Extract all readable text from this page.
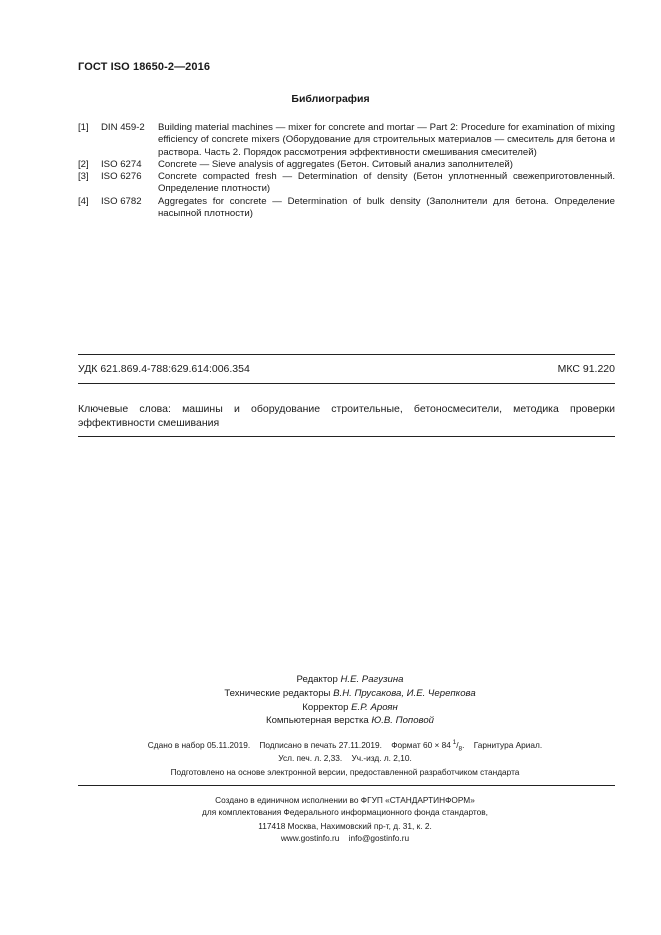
ГОСТ ISO 18650-2—2016
Библиография
[1]	DIN 459-2	Building material machines — mixer for concrete and mortar — Part 2: Procedure for examination of mixing efficiency of concrete mixers (Оборудование для строительных материалов — смеситель для бетона и раствора. Часть 2. Порядок рассмотрения эффективности смешивания смесителей)
[2]	ISO 6274	Concrete — Sieve analysis of aggregates (Бетон. Ситовый анализ заполнителей)
[3]	ISO 6276	Concrete compacted fresh — Determination of density (Бетон уплотненный свежеприготовленный. Определение плотности)
[4]	ISO 6782	Aggregates for concrete — Determination of bulk density (Заполнители для бетона. Определение насыпной плотности)
УДК 621.869.4-788:629.614:006.354	МКС 91.220
Ключевые слова: машины и оборудование строительные, бетоносмесители, методика проверки эффективности смешивания
Редактор Н.Е. Рагузина
Технические редакторы В.Н. Прусакова, И.Е. Черепкова
Корректор Е.Р. Ароян
Компьютерная верстка Ю.В. Поповой
Сдано в набор 05.11.2019. Подписано в печать 27.11.2019. Формат 60 × 84  $^1/_8$. Гарнитура Ариал.
Усл. печ. л. 2,33. Уч.-изд. л. 2,10.
Подготовлено на основе электронной версии, предоставленной разработчиком стандарта
Создано в единичном исполнении во ФГУП «СТАНДАРТИНФОРМ»
для комплектования Федерального информационного фонда стандартов,
117418 Москва, Нахимовский пр-т, д. 31, к. 2.
www.gostinfo.ru info@gostinfo.ru
